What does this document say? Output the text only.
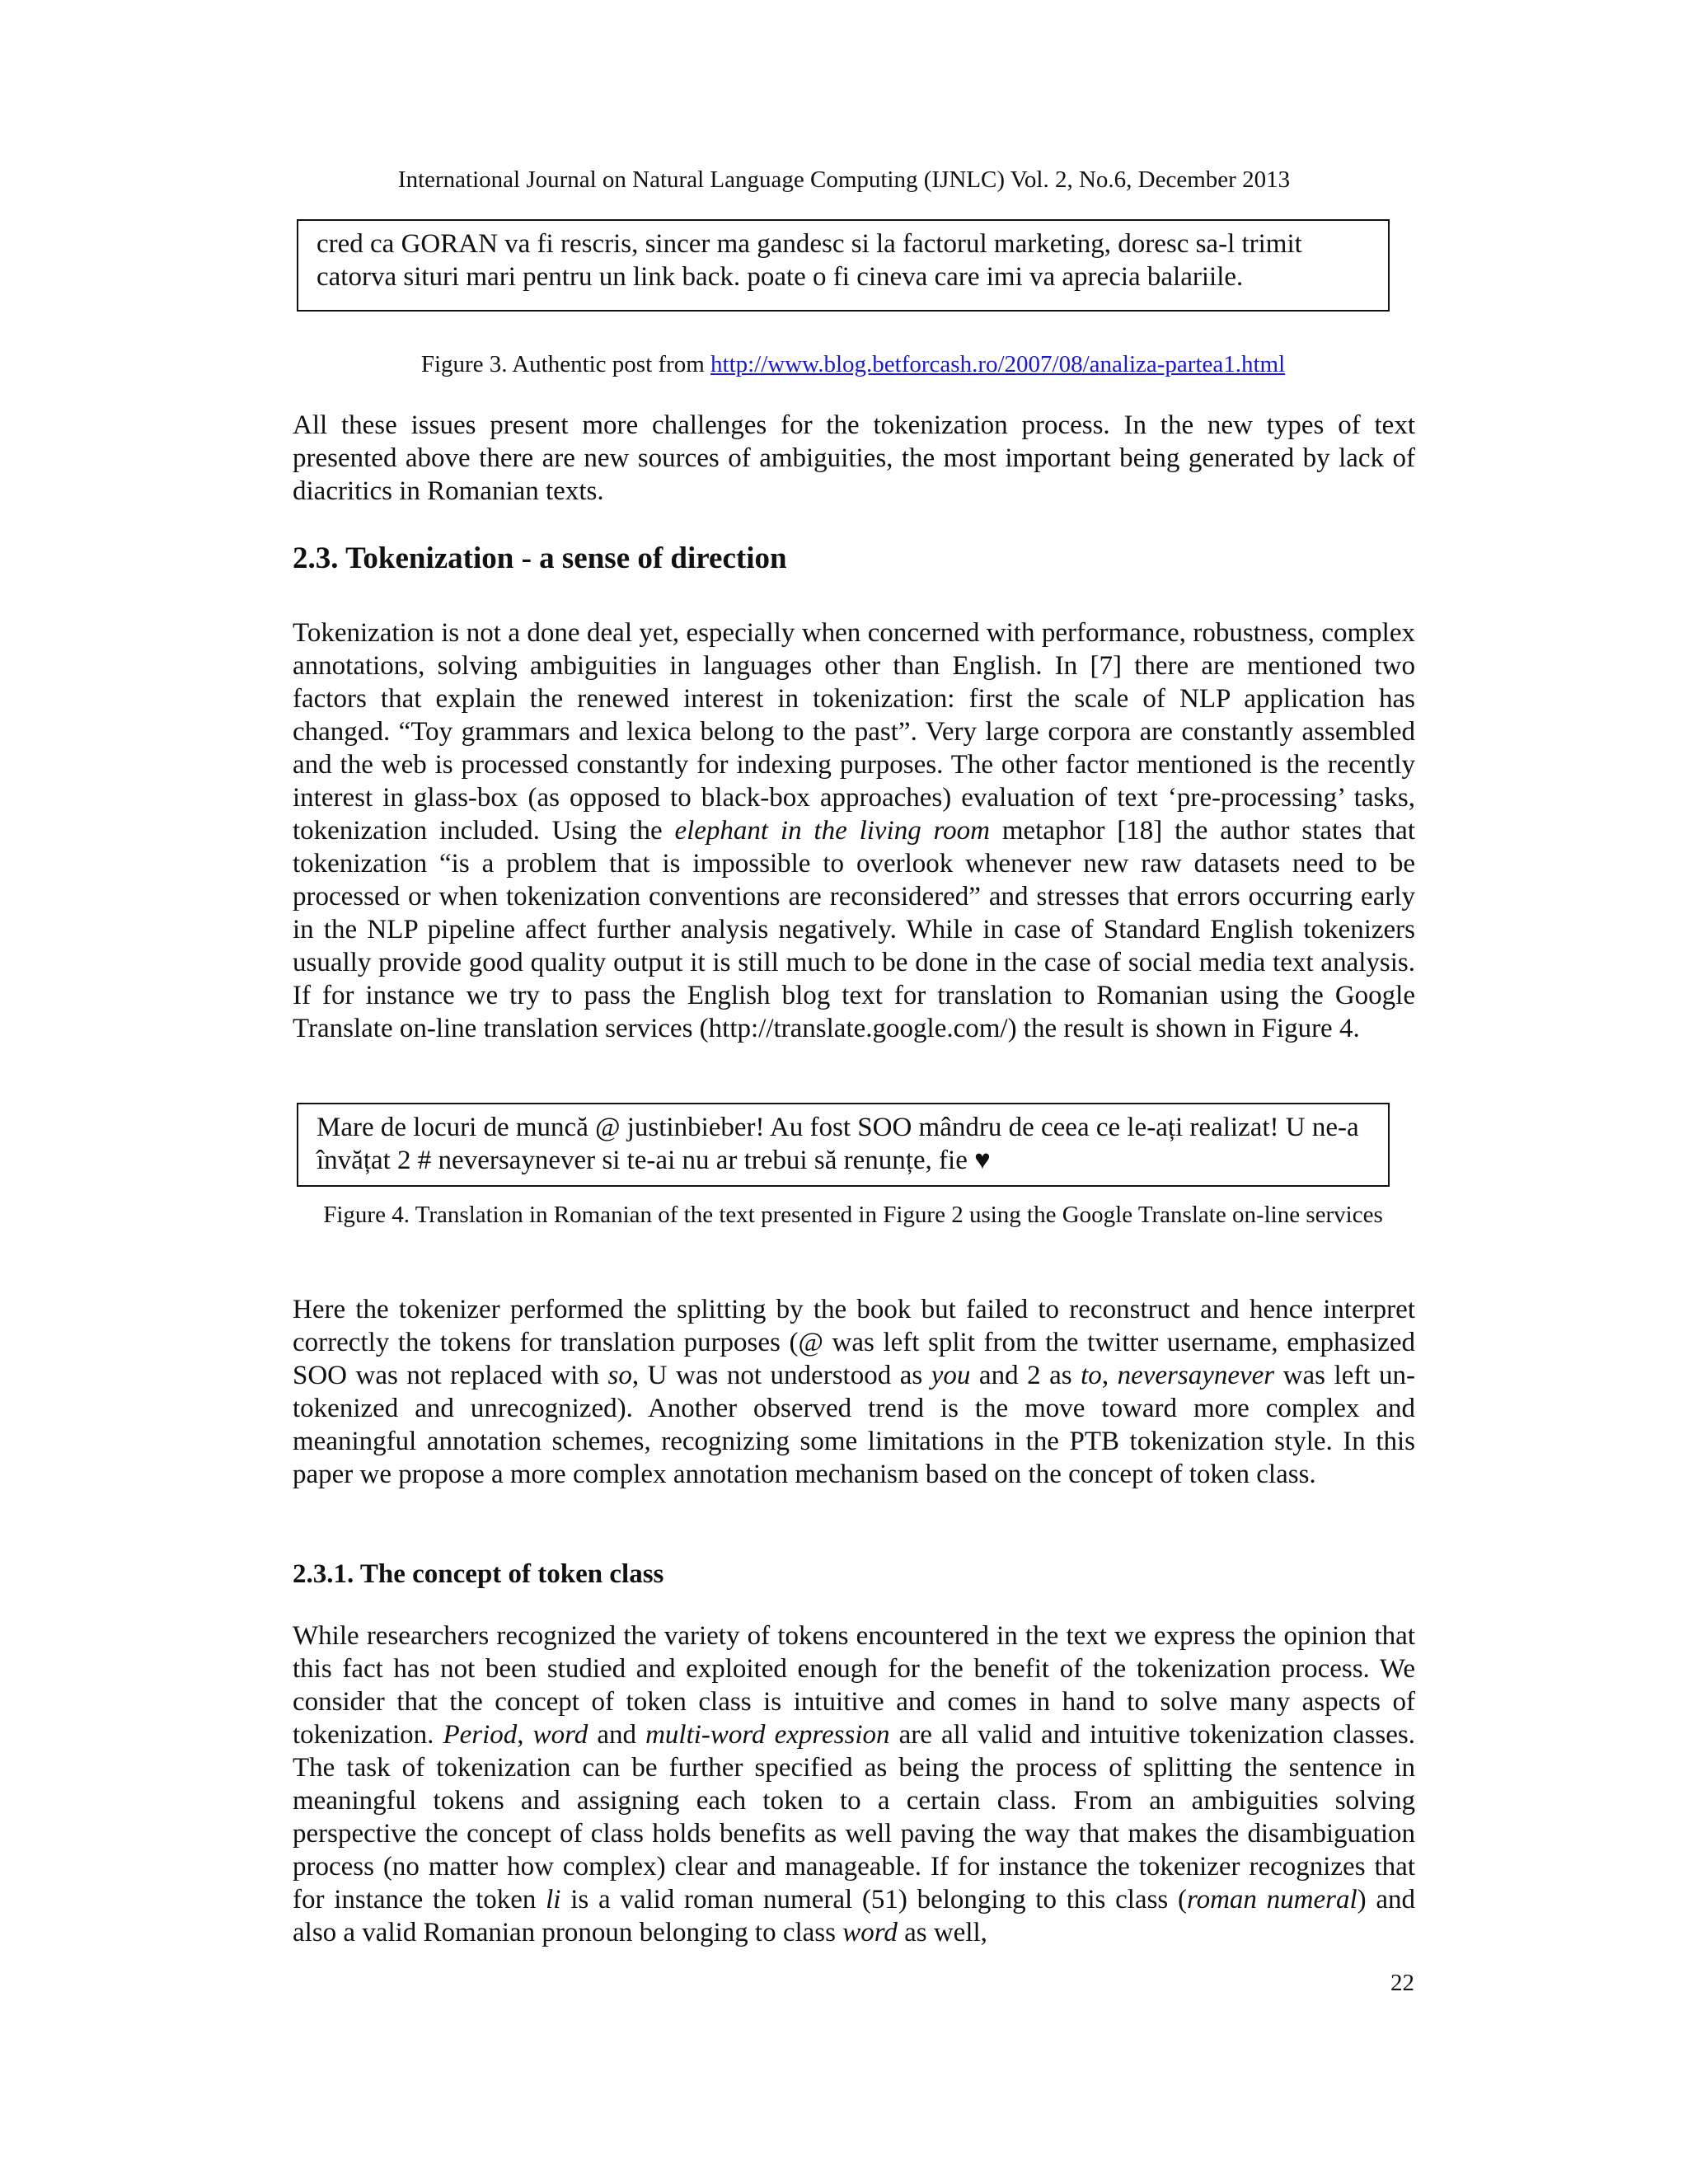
International Journal on Natural Language Computing (IJNLC) Vol. 2, No.6, December 2013

cred ca GORAN va fi rescris, sincer ma gandesc si la factorul marketing, doresc sa-l trimit catorva situri mari pentru un link back. poate o fi cineva care imi va aprecia balariile.

Figure 3. Authentic post from http://www.blog.betforcash.ro/2007/08/analiza-partea1.html

All these issues present more challenges for the tokenization process. In the new types of text presented above there are new sources of ambiguities, the most important being generated by lack of diacritics in Romanian texts.

2.3. Tokenization - a sense of direction

Tokenization is not a done deal yet, especially when concerned with performance, robustness, complex annotations, solving ambiguities in languages other than English. In [7] there are mentioned two factors that explain the renewed interest in tokenization: first the scale of NLP application has changed. “Toy grammars and lexica belong to the past”. Very large corpora are constantly assembled and the web is processed constantly for indexing purposes. The other factor mentioned is the recently interest in glass-box (as opposed to black-box approaches) evaluation of text ‘pre-processing’ tasks, tokenization included. Using the elephant in the living room metaphor [18] the author states that tokenization “is a problem that is impossible to overlook whenever new raw datasets need to be processed or when tokenization conventions are reconsidered” and stresses that errors occurring early in the NLP pipeline affect further analysis negatively. While in case of Standard English tokenizers usually provide good quality output it is still much to be done in the case of social media text analysis. If for instance we try to pass the English blog text for translation to Romanian using the Google Translate on-line translation services (http://translate.google.com/) the result is shown in Figure 4.

Mare de locuri de muncă @ justinbieber! Au fost SOO mândru de ceea ce le-ați realizat! U ne-a învățat 2 # neversaynever si te-ai nu ar trebui să renunțe, fie ♥

Figure 4. Translation in Romanian of the text presented in Figure 2 using the Google Translate on-line services

Here the tokenizer performed the splitting by the book but failed to reconstruct and hence interpret correctly the tokens for translation purposes (@ was left split from the twitter username, emphasized SOO was not replaced with so, U was not understood as you and 2 as to, neversaynever was left un-tokenized and unrecognized). Another observed trend is the move toward more complex and meaningful annotation schemes, recognizing some limitations in the PTB tokenization style. In this paper we propose a more complex annotation mechanism based on the concept of token class.

2.3.1. The concept of token class

While researchers recognized the variety of tokens encountered in the text we express the opinion that this fact has not been studied and exploited enough for the benefit of the tokenization process. We consider that the concept of token class is intuitive and comes in hand to solve many aspects of tokenization. Period, word and multi-word expression are all valid and intuitive tokenization classes. The task of tokenization can be further specified as being the process of splitting the sentence in meaningful tokens and assigning each token to a certain class. From an ambiguities solving perspective the concept of class holds benefits as well paving the way that makes the disambiguation process (no matter how complex) clear and manageable. If for instance the tokenizer recognizes that for instance the token li is a valid roman numeral (51) belonging to this class (roman numeral) and also a valid Romanian pronoun belonging to class word as well,

22
